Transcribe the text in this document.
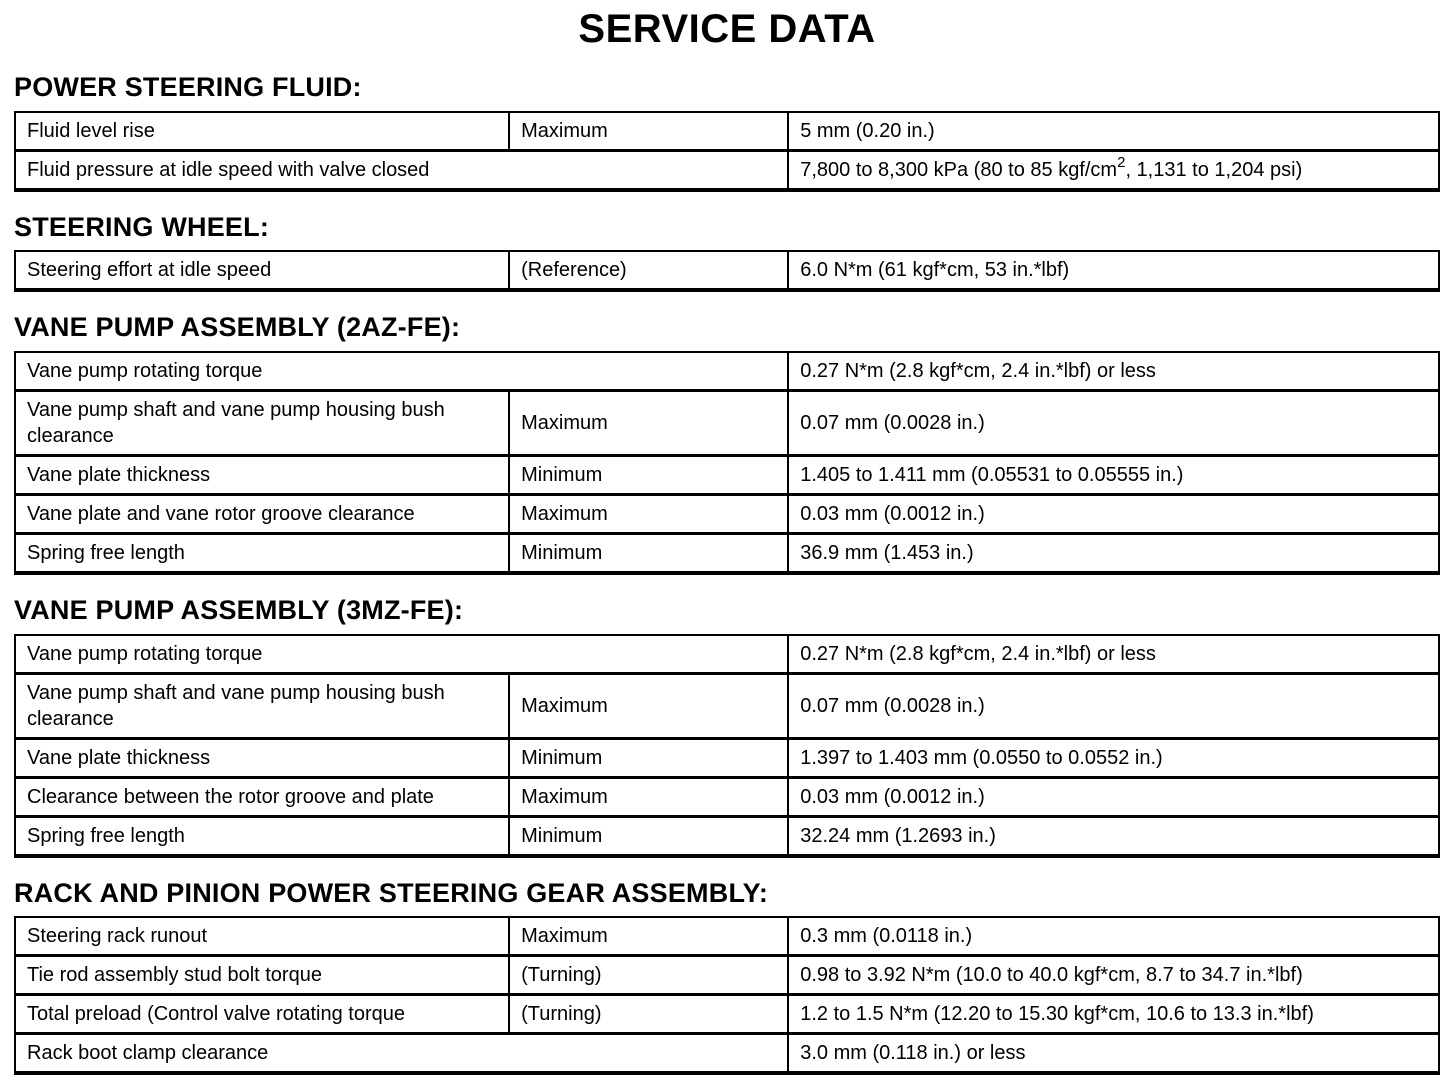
SERVICE DATA
POWER STEERING FLUID:
Fluid level rise	Maximum	5 mm (0.20 in.)
Fluid pressure at idle speed with valve closed		7,800 to 8,300 kPa (80 to 85 kgf/$cm^2$, 1,131 to 1,204 psi)
STEERING WHEEL:
Steering effort at idle speed	(Reference)	6.0 N*m (61 kgf*cm, 53 in.*lbf)
VANE PUMP ASSEMBLY (2AZ-FE):
Vane pump rotating torque		0.27 N*m (2.8 kgf*cm, 2.4 in.*lbf) or less
Vane pump shaft and vane pump housing bush clearance	Maximum	0.07 mm (0.0028 in.)
Vane plate thickness	Minimum	1.405 to 1.411 mm (0.05531 to 0.05555 in.)
Vane plate and vane rotor groove clearance	Maximum	0.03 mm (0.0012 in.)
Spring free length	Minimum	36.9 mm (1.453 in.)
VANE PUMP ASSEMBLY (3MZ-FE):
Vane pump rotating torque		0.27 N*m (2.8 kgf*cm, 2.4 in.*lbf) or less
Vane pump shaft and vane pump housing bush clearance	Maximum	0.07 mm (0.0028 in.)
Vane plate thickness	Minimum	1.397 to 1.403 mm (0.0550 to 0.0552 in.)
Clearance between the rotor groove and plate	Maximum	0.03 mm (0.0012 in.)
Spring free length	Minimum	32.24 mm (1.2693 in.)
RACK AND PINION POWER STEERING GEAR ASSEMBLY:
Steering rack runout	Maximum	0.3 mm (0.0118 in.)
Tie rod assembly stud bolt torque	(Turning)	0.98 to 3.92 N*m (10.0 to 40.0 kgf*cm, 8.7 to 34.7 in.*lbf)
Total preload (Control valve rotating torque	(Turning)	1.2 to 1.5 N*m (12.20 to 15.30 kgf*cm, 10.6 to 13.3 in.*lbf)
Rack boot clamp clearance		3.0 mm (0.118 in.) or less
